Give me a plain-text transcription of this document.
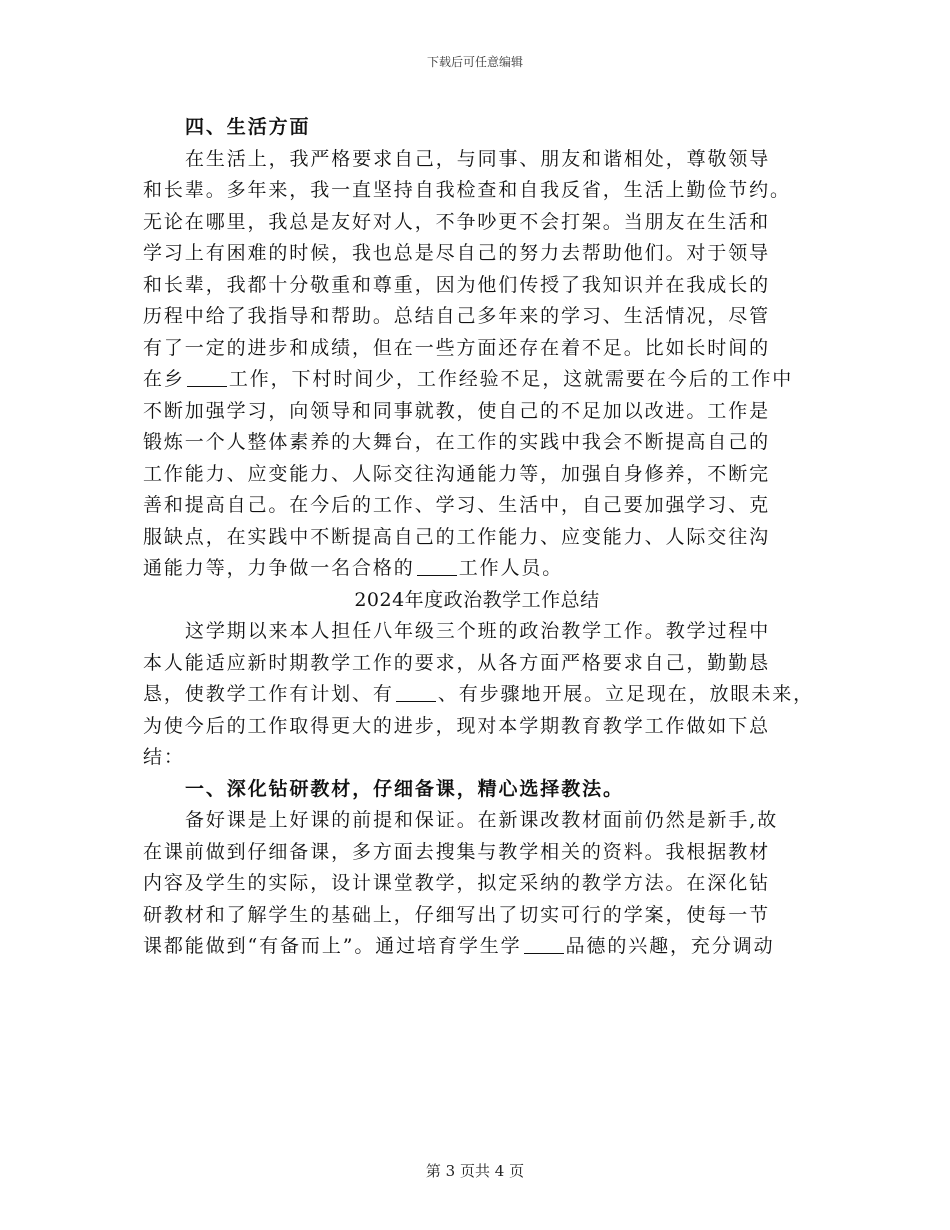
下载后可任意编辑
四、生活方面
在生活上，我严格要求自己，与同事、朋友和谐相处，尊敬领导
和长辈。多年来，我一直坚持自我检查和自我反省，生活上勤俭节约。
无论在哪里，我总是友好对人，不争吵更不会打架。当朋友在生活和
学习上有困难的时候，我也总是尽自己的努力去帮助他们。对于领导
和长辈，我都十分敬重和尊重，因为他们传授了我知识并在我成长的
历程中给了我指导和帮助。总结自己多年来的学习、生活情况，尽管
有了一定的进步和成绩，但在一些方面还存在着不足。比如长时间的
在乡 工作，下村时间少，工作经验不足，这就需要在今后的工作中
不断加强学习，向领导和同事就教，使自己的不足加以改进。工作是
锻炼一个人整体素养的大舞台，在工作的实践中我会不断提高自己的
工作能力、应变能力、人际交往沟通能力等，加强自身修养，不断完
善和提高自己。在今后的工作、学习、生活中，自己要加强学习、克
服缺点，在实践中不断提高自己的工作能力、应变能力、人际交往沟
通能力等，力争做一名合格的 工作人员。
2024年度政治教学工作总结
这学期以来本人担任八年级三个班的政治教学工作。教学过程中
本人能适应新时期教学工作的要求，从各方面严格要求自己，勤勤恳
恳，使教学工作有计划、有 、有步骤地开展。立足现在，放眼未来，
为使今后的工作取得更大的进步，现对本学期教育教学工作做如下总
结：
一、深化钻研教材，仔细备课，精心选择教法。
备好课是上好课的前提和保证。在新课改教材面前仍然是新手,故
在课前做到仔细备课，多方面去搜集与教学相关的资料。我根据教材
内容及学生的实际，设计课堂教学，拟定采纳的教学方法。在深化钻
研教材和了解学生的基础上，仔细写出了切实可行的学案，使每一节
课都能做到“有备而上”。通过培育学生学 品德的兴趣，充分调动
第 3 页共 4 页
